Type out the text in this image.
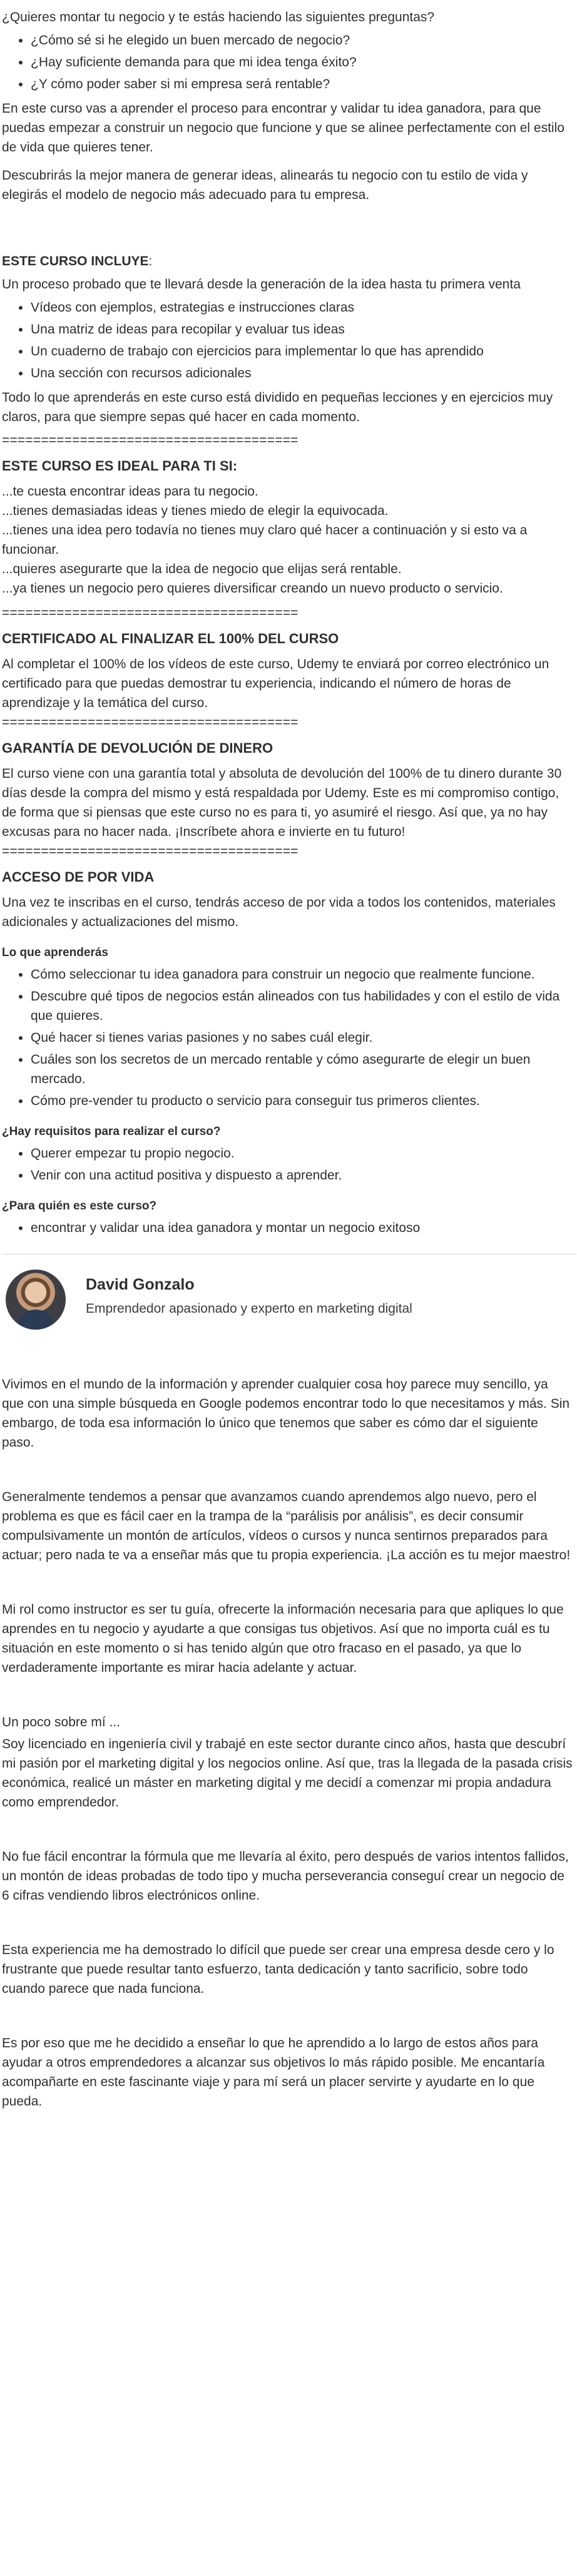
¿Quieres montar tu negocio y te estás haciendo las siguientes preguntas?

• ¿Cómo sé si he elegido un buen mercado de negocio?
• ¿Hay suficiente demanda para que mi idea tenga éxito?
• ¿Y cómo poder saber si mi empresa será rentable?

En este curso vas a aprender el proceso para encontrar y validar tu idea ganadora, para que puedas empezar a construir un negocio que funcione y que se alinee perfectamente con el estilo de vida que quieres tener.

Descubrirás la mejor manera de generar ideas, alinearás tu negocio con tu estilo de vida y elegirás el modelo de negocio más adecuado para tu empresa.

ESTE CURSO INCLUYE:

Un proceso probado que te llevará desde la generación de la idea hasta tu primera venta

• Vídeos con ejemplos, estrategias e instrucciones claras
• Una matriz de ideas para recopilar y evaluar tus ideas
• Un cuaderno de trabajo con ejercicios para implementar lo que has aprendido
• Una sección con recursos adicionales

Todo lo que aprenderás en este curso está dividido en pequeñas lecciones y en ejercicios muy claros, para que siempre sepas qué hacer en cada momento.

======================================
ESTE CURSO ES IDEAL PARA TI SI:
...te cuesta encontrar ideas para tu negocio.
...tienes demasiadas ideas y tienes miedo de elegir la equivocada.
...tienes una idea pero todavía no tienes muy claro qué hacer a continuación y si esto va a funcionar.
...quieres asegurarte que la idea de negocio que elijas será rentable.
...ya tienes un negocio pero quieres diversificar creando un nuevo producto o servicio.
======================================
CERTIFICADO AL FINALIZAR EL 100% DEL CURSO
Al completar el 100% de los vídeos de este curso, Udemy te enviará por correo electrónico un certificado para que puedas demostrar tu experiencia, indicando el número de horas de aprendizaje y la temática del curso.
======================================
GARANTÍA DE DEVOLUCIÓN DE DINERO
El curso viene con una garantía total y absoluta de devolución del 100% de tu dinero durante 30 días desde la compra del mismo y está respaldada por Udemy. Este es mi compromiso contigo, de forma que si piensas que este curso no es para ti, yo asumiré el riesgo. Así que, ya no hay excusas para no hacer nada. ¡Inscríbete ahora e invierte en tu futuro!
======================================
ACCESO DE POR VIDA
Una vez te inscribas en el curso, tendrás acceso de por vida a todos los contenidos, materiales adicionales y actualizaciones del mismo.
Lo que aprenderás
• Cómo seleccionar tu idea ganadora para construir un negocio que realmente funcione.
• Descubre qué tipos de negocios están alineados con tus habilidades y con el estilo de vida que quieres.
• Qué hacer si tienes varias pasiones y no sabes cuál elegir.
• Cuáles son los secretos de un mercado rentable y cómo asegurarte de elegir un buen mercado.
• Cómo pre-vender tu producto o servicio para conseguir tus primeros clientes.
¿Hay requisitos para realizar el curso?
• Querer empezar tu propio negocio.
• Venir con una actitud positiva y dispuesto a aprender.
¿Para quién es este curso?
• encontrar y validar una idea ganadora y montar un negocio exitoso
David Gonzalo
Emprendedor apasionado y experto en marketing digital

Vivimos en el mundo de la información y aprender cualquier cosa hoy parece muy sencillo, ya que con una simple búsqueda en Google podemos encontrar todo lo que necesitamos y más. Sin embargo, de toda esa información lo único que tenemos que saber es cómo dar el siguiente paso.

Generalmente tendemos a pensar que avanzamos cuando aprendemos algo nuevo, pero el problema es que es fácil caer en la trampa de la “parálisis por análisis”, es decir consumir compulsivamente un montón de artículos, vídeos o cursos y nunca sentirnos preparados para actuar; pero nada te va a enseñar más que tu propia experiencia. ¡La acción es tu mejor maestro!

Mi rol como instructor es ser tu guía, ofrecerte la información necesaria para que apliques lo que aprendes en tu negocio y ayudarte a que consigas tus objetivos. Así que no importa cuál es tu situación en este momento o si has tenido algún que otro fracaso en el pasado, ya que lo verdaderamente importante es mirar hacia adelante y actuar.

Un poco sobre mí ...

Soy licenciado en ingeniería civil y trabajé en este sector durante cinco años, hasta que descubrí mi pasión por el marketing digital y los negocios online. Así que, tras la llegada de la pasada crisis económica, realicé un máster en marketing digital y me decidí a comenzar mi propia andadura como emprendedor.

No fue fácil encontrar la fórmula que me llevaría al éxito, pero después de varios intentos fallidos, un montón de ideas probadas de todo tipo y mucha perseverancia conseguí crear un negocio de 6 cifras vendiendo libros electrónicos online.

Esta experiencia me ha demostrado lo difícil que puede ser crear una empresa desde cero y lo frustrante que puede resultar tanto esfuerzo, tanta dedicación y tanto sacrificio, sobre todo cuando parece que nada funciona.

Es por eso que me he decidido a enseñar lo que he aprendido a lo largo de estos años para ayudar a otros emprendedores a alcanzar sus objetivos lo más rápido posible. Me encantaría acompañarte en este fascinante viaje y para mí será un placer servirte y ayudarte en lo que pueda.
